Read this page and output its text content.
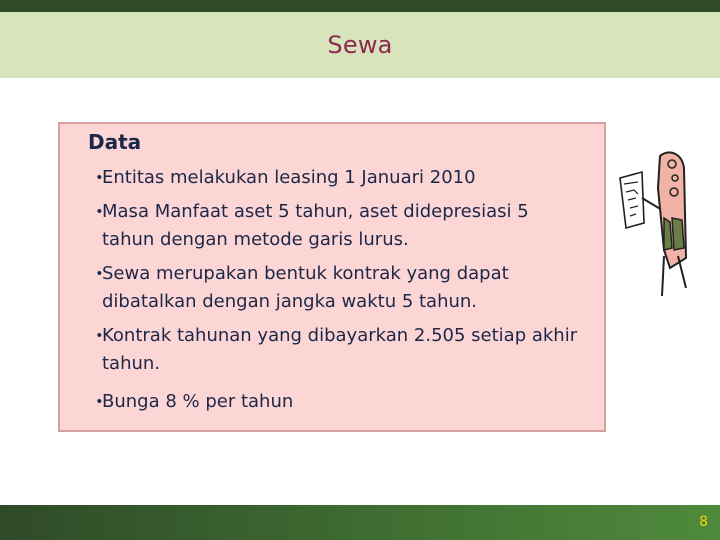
Sewa
Data
• Entitas melakukan leasing 1 Januari 2010
• Masa Manfaat aset 5 tahun, aset didepresiasi 5 tahun dengan metode garis lurus.
• Sewa merupakan bentuk kontrak yang dapat dibatalkan dengan jangka waktu 5 tahun.
• Kontrak tahunan yang dibayarkan 2.505 setiap akhir tahun.
• Bunga 8 % per tahun
8
